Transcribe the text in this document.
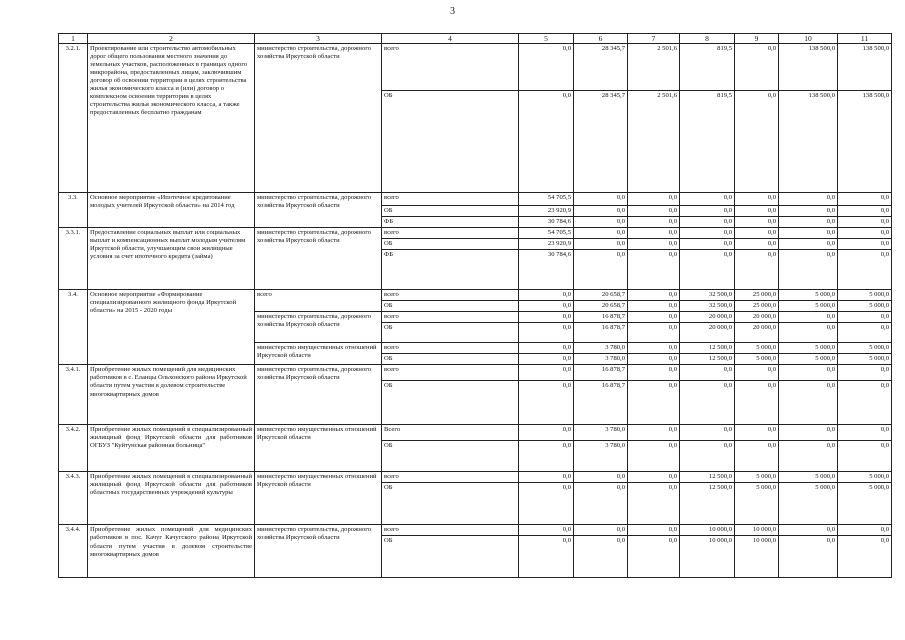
3
1	2	3	4	5	6	7	8	9	10	11
3.2.1.	Проектирование или строительство автомобильных дорог общего пользования местного значения до земельных участков, расположенных в границах одного микрорайона, предоставленных лицам, заключившим договор об освоении территории в целях строительства жилья экономического класса и (или) договор о комплексном освоении территории в целях строительства жилья экономического класса, а также предоставленных бесплатно гражданам	министерство строительства, дорожного хозяйства Иркутской области	всего	0,0	28 345,7	2 501,6	819,5	0,0	138 500,0	138 500,0
			ОБ	0,0	28 345,7	2 501,6	819,5	0,0	138 500,0	138 500,0
3.3.	Основное мероприятие «Ипотечное кредитование молодых учителей Иркутской области» на 2014 год	министерство строительства, дорожного хозяйства Иркутской области	всего	54 705,5	0,0	0,0	0,0	0,0	0,0	0,0
			ОБ	23 920,9	0,0	0,0	0,0	0,0	0,0	0,0
			ФБ	30 784,6	0,0	0,0	0,0	0,0	0,0	0,0
3.3.1.	Предоставление социальных выплат или социальных выплат и компенсационных выплат молодым учителям Иркутской области, улучшающим свои жилищные условия за счет ипотечного кредита (займа)	министерство строительства, дорожного хозяйства Иркутской области	всего	54 705,5	0,0	0,0	0,0	0,0	0,0	0,0
			ОБ	23 920,9	0,0	0,0	0,0	0,0	0,0	0,0
			ФБ	30 784,6	0,0	0,0	0,0	0,0	0,0	0,0
3.4.	Основное мероприятие «Формирование специализированного жилищного фонда Иркутской области» на 2015 - 2020 годы	всего	всего	0,0	20 658,7	0,0	32 500,0	25 000,0	5 000,0	5 000,0
			ОБ	0,0	20 658,7	0,0	32 500,0	25 000,0	5 000,0	5 000,0
		министерство строительства, дорожного хозяйства Иркутской области	всего	0,0	16 878,7	0,0	20 000,0	20 000,0	0,0	0,0
			ОБ	0,0	16 878,7	0,0	20 000,0	20 000,0	0,0	0,0
		министерство имущественных отношений Иркутской области	всего	0,0	3 780,0	0,0	12 500,0	5 000,0	5 000,0	5 000,0
			ОБ	0,0	3 780,0	0,0	12 500,0	5 000,0	5 000,0	5 000,0
3.4.1.	Приобретение жилых помещений для медицинских работников в с. Еланцы Ольхонского района Иркутской области путем участия в долевом строительстве многоквартирных домов	министерство строительства, дорожного хозяйства Иркутской области	всего	0,0	16 878,7	0,0	0,0	0,0	0,0	0,0
			ОБ	0,0	16 878,7	0,0	0,0	0,0	0,0	0,0
3.4.2.	Приобретение жилых помещений в специализированный жилищный фонд Иркутской области для работников ОГБУЗ "Куйтунская районная больница"	министерство имущественных отношений Иркутской области	Всего	0,0	3 780,0	0,0	0,0	0,0	0,0	0,0
			ОБ	0,0	3 780,0	0,0	0,0	0,0	0,0	0,0
3.4.3.	Приобретение жилых помещений в специализированный жилищный фонд Иркутской области для работников областных государственных учреждений культуры	министерство имущественных отношений Иркутской области	всего	0,0	0,0	0,0	12 500,0	5 000,0	5 000,0	5 000,0
			ОБ	0,0	0,0	0,0	12 500,0	5 000,0	5 000,0	5 000,0
3.4.4.	Приобретение жилых помещений для медицинских работников в пос. Качуг Качугского района Иркутской области путем участия в долевом строительстве многоквартирных домов	министерство строительства, дорожного хозяйства Иркутской области	всего	0,0	0,0	0,0	10 000,0	10 000,0	0,0	0,0
			ОБ	0,0	0,0	0,0	10 000,0	10 000,0	0,0	0,0
